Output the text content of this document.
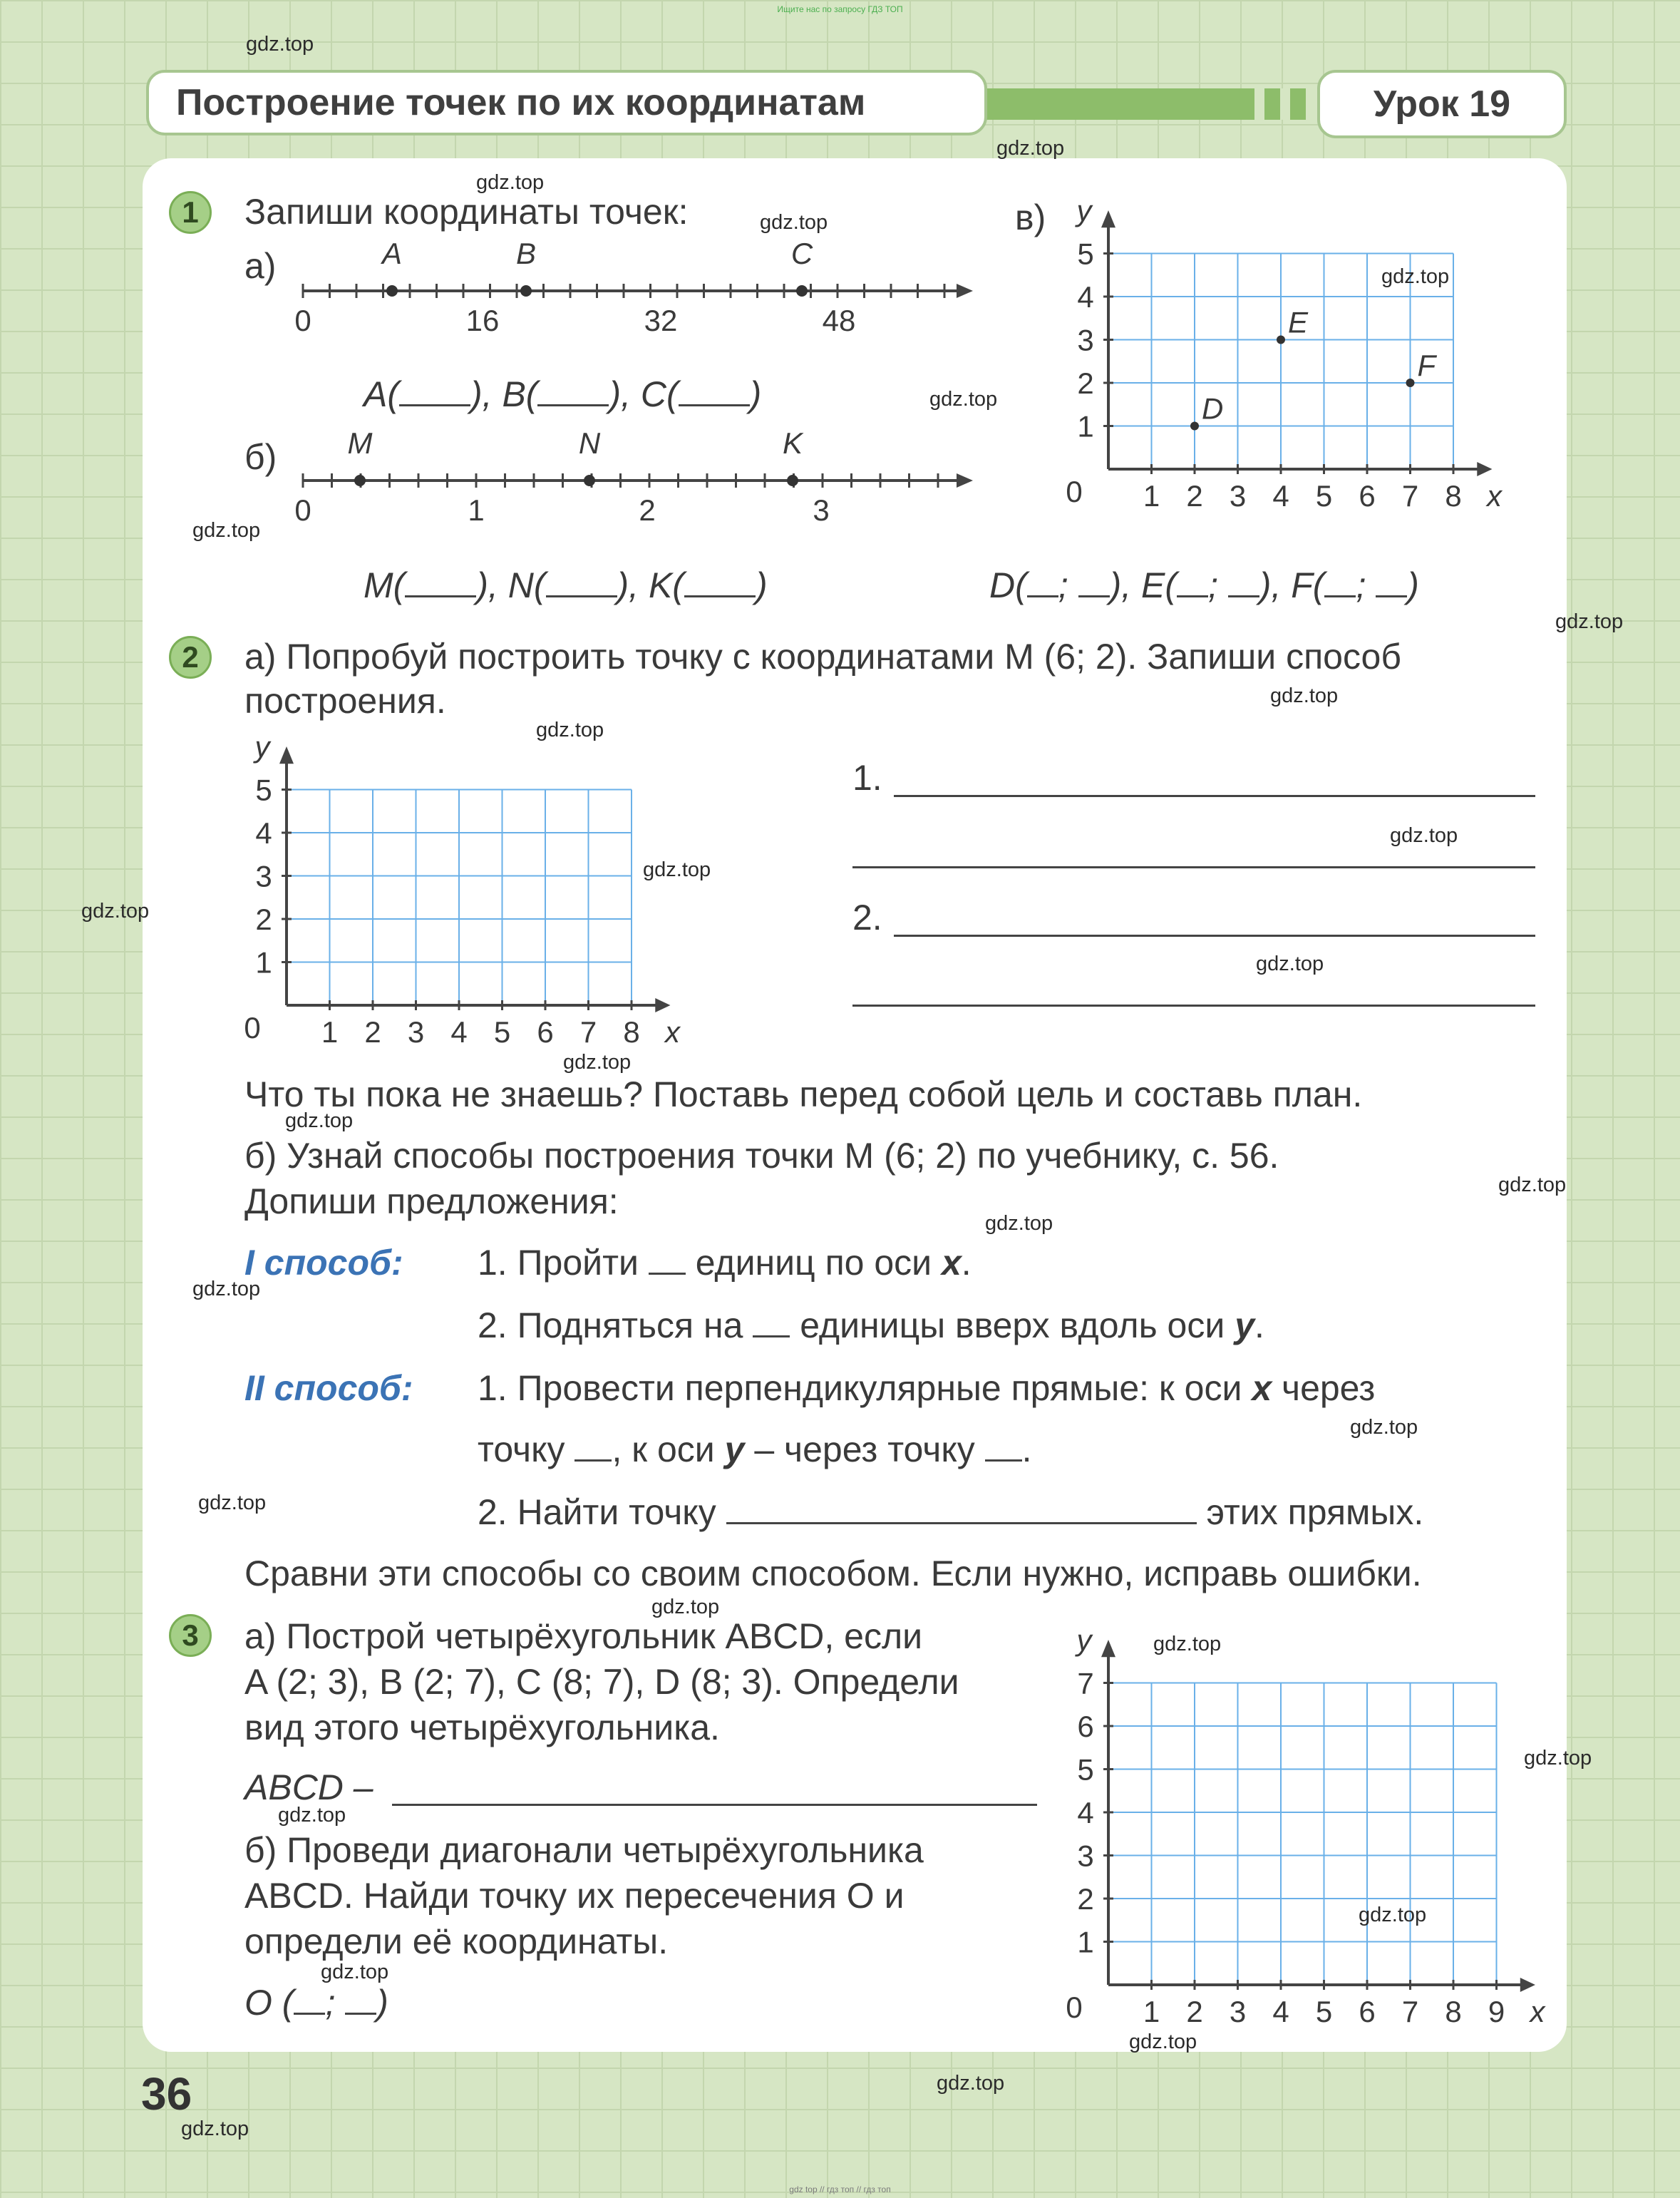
Ищите нас по запросу ГДЗ ТОП
Построение точек по их координатам	Урок 19
1	Запиши координаты точек:
а)
0	16	32	48
A	B	C
A( ), B( ), C( )
б)
0	1	2	3
M	N	K
M( ), N( ), K( )
в)
1 2 3 4 5 6 7 8
1
2
3
4
5
0	x
y
D
E
F
D( ; ), E( ; ), F( ; )
2	а) Попробуй построить точку с координатами M (6; 2). Запиши способ
построения.
1 2 3 4 5 6 7 8
1
2
3
4
5
0	x
y
1.
2.
Что ты пока не знаешь? Поставь перед собой цель и составь план.
б) Узнай способы построения точки M (6; 2) по учебнику, с. 56.
Допиши предложения:
I способ: 1. Пройти  единиц по оси x.
2. Подняться на  единицы вверх вдоль оси y.
II способ: 1. Провести перпендикулярные прямые: к оси x через
точку , к оси y – через точку .
2. Найти точку	этих прямых.
Сравни эти способы со своим способом. Если нужно, исправь ошибки.
3	а) Построй четырёхугольник ABCD, если
A (2; 3), B (2; 7), C (8; 7), D (8; 3). Определи
вид этого четырёхугольника.
ABCD –
б) Проведи диагонали четырёхугольника
ABCD. Найди точку их пересечения O и
определи её координаты.
O ( ; )	1 2 3 4 5 6 7 8 9
1
2
3
4
5
6
7
0	x
y
36
gdz.top
gdz.top
gdz.top
gdz.top
gdz.top
gdz.top
gdz.top
gdz.top
gdz.top
gdz.top
gdz.top
gdz.top
gdz.top
gdz.top
gdz.top
gdz.top
gdz.top
gdz.top
gdz.top
gdz.top
gdz.top
gdz.top
gdz.top
gdz.top
gdz.top
gdz.top
gdz.top
gdz.top
gdz.top
gdz.top
gdz top // гдз топ // гдз топ
